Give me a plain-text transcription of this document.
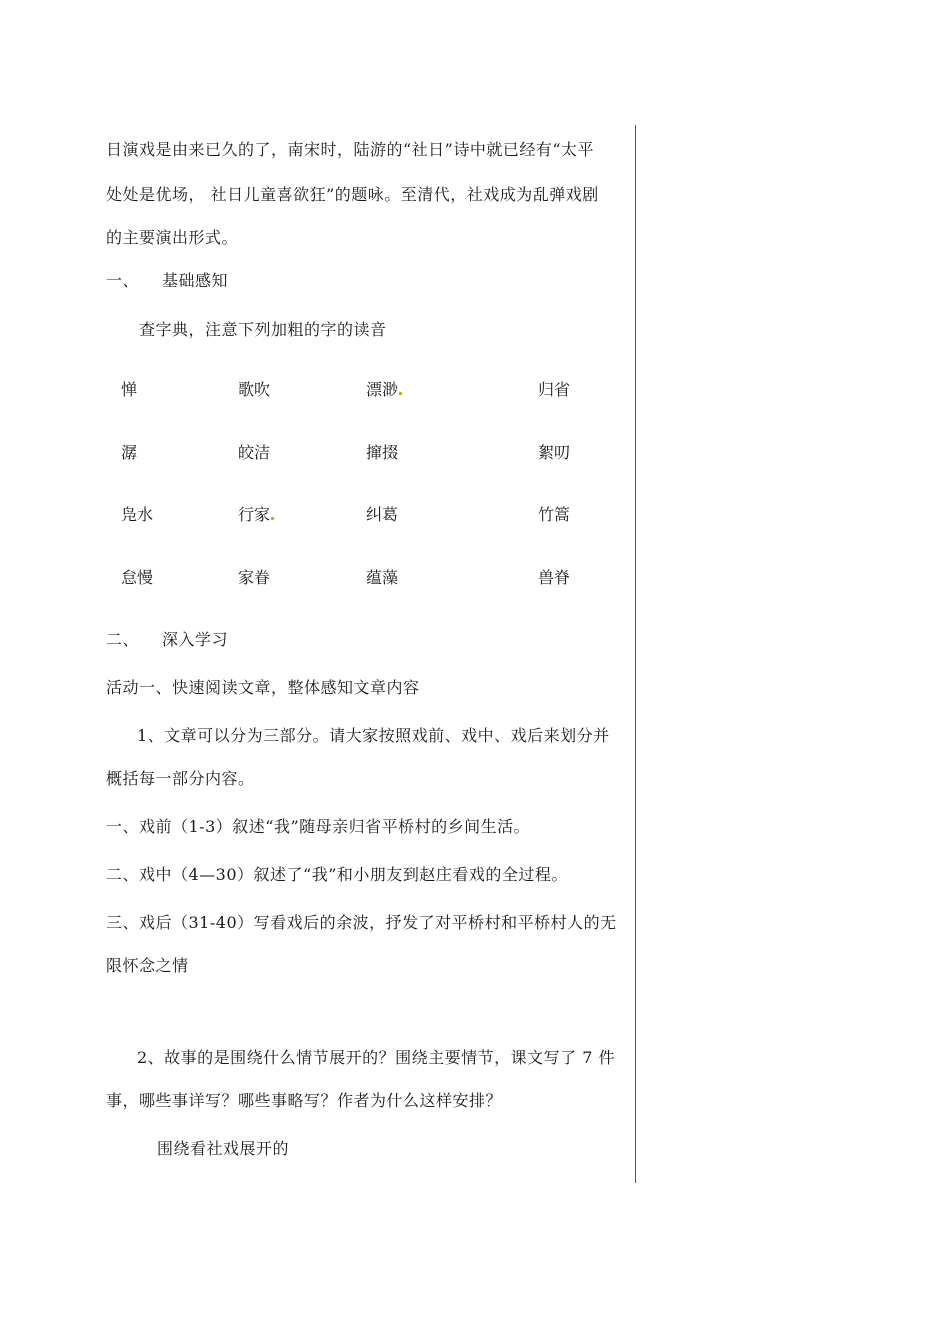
日演戏是由来已久的了，南宋时，陆游的“社日”诗中就已经有“太平
处处是优场， 社日儿童喜欲狂”的题咏。至清代，社戏成为乱弹戏剧
的主要演出形式。
一、 基础感知
查字典，注意下列加粗的字的读音
惮	歌吹	漂渺	归省
潺	皎洁	撺掇	絮叨
凫水	行家	纠葛	竹篙
怠慢	家眷	蕴藻	兽脊
二、 深入学习
活动一、快速阅读文章，整体感知文章内容
1、文章可以分为三部分。请大家按照戏前、戏中、戏后来划分并
概括每一部分内容。
一、戏前（1-3）叙述“我”随母亲归省平桥村的乡间生活。
二、戏中（4—30）叙述了“我”和小朋友到赵庄看戏的全过程。
三、戏后（31-40）写看戏后的余波，抒发了对平桥村和平桥村人的无
限怀念之情
2、故事的是围绕什么情节展开的？围绕主要情节，课文写了 7 件
事，哪些事详写？哪些事略写？作者为什么这样安排？
围绕看社戏展开的
